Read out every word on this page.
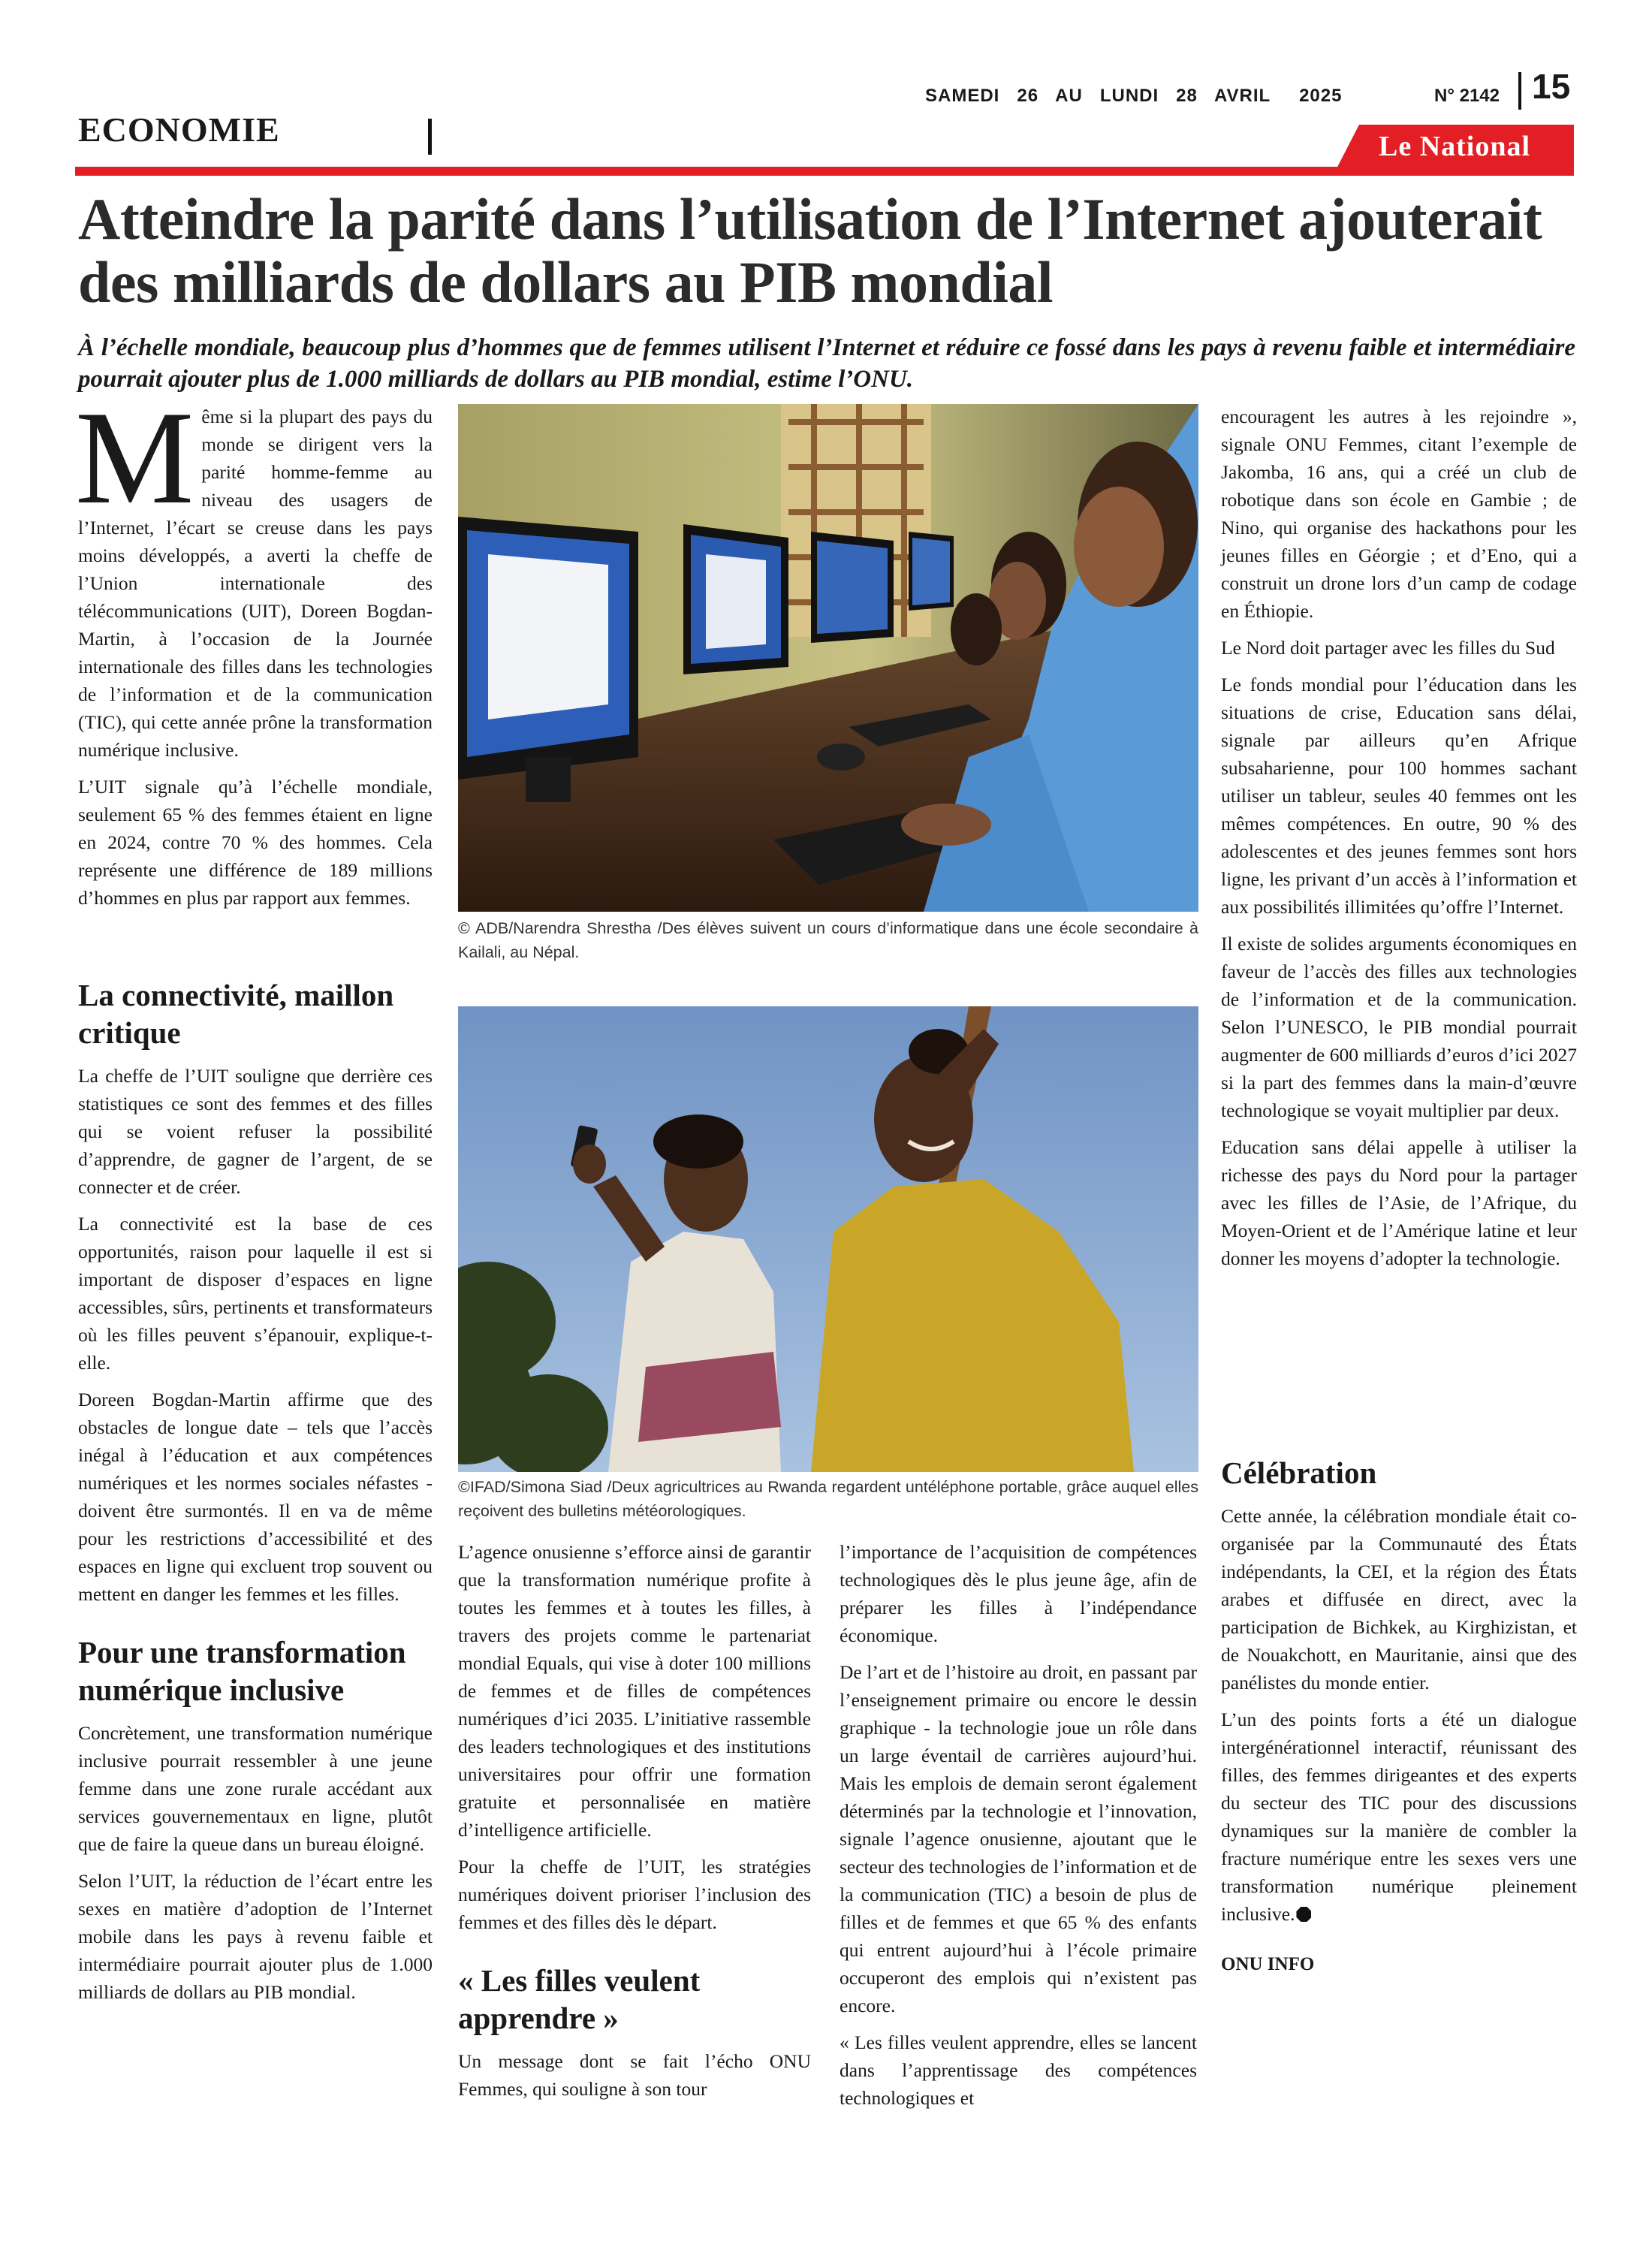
SAMEDI   26   AU   LUNDI   28   AVRIL     2025	N° 2142 15
ECONOMIE	Le National
Atteindre la parité dans l’utilisation de l’Internet ajouterait des milliards de dollars au PIB mondial

À l’échelle mondiale, beaucoup plus d’hommes que de femmes utilisent l’Internet et réduire ce fossé dans les pays à revenu faible et intermédiaire pourrait ajouter plus de 1.000 milliards de dollars au PIB mondial, estime l’ONU.

Même si la plupart des pays du monde se dirigent vers la parité homme-femme au niveau des usagers de l’Internet, l’écart se creuse dans les pays moins développés, a averti la cheffe de l’Union internationale des télécommunications (UIT), Doreen Bogdan-Martin, à l’occasion de la Journée internationale des filles dans les technologies de l’information et de la communication (TIC), qui cette année prône la transformation numérique inclusive.

L’UIT signale qu’à l’échelle mondiale, seulement 65 % des femmes étaient en ligne en 2024, contre 70 % des hommes. Cela représente une différence de 189 millions d’hommes en plus par rapport aux femmes.

La connectivité, maillon critique

La cheffe de l’UIT souligne que derrière ces statistiques ce sont des femmes et des filles qui se voient refuser la possibilité d’apprendre, de gagner de l’argent, de se connecter et de créer.

La connectivité est la base de ces opportunités, raison pour laquelle il est si important de disposer d’espaces en ligne accessibles, sûrs, pertinents et transformateurs où les filles peuvent s’épanouir, explique-t-elle.

Doreen Bogdan-Martin affirme que des obstacles de longue date – tels que l’accès inégal à l’éducation et aux compétences numériques et les normes sociales néfastes - doivent être surmontés. Il en va de même pour les restrictions d’accessibilité et des espaces en ligne qui excluent trop souvent ou mettent en danger les femmes et les filles.

Pour une transformation numérique inclusive

Concrètement, une transformation numérique inclusive pourrait ressembler à une jeune femme dans une zone rurale accédant aux services gouvernementaux en ligne, plutôt que de faire la queue dans un bureau éloigné.

Selon l’UIT, la réduction de l’écart entre les sexes en matière d’adoption de l’Internet mobile dans les pays à revenu faible et intermédiaire pourrait ajouter plus de 1.000 milliards de dollars au PIB mondial.

© ADB/Narendra Shrestha /Des élèves suivent un cours d’informatique dans une école secondaire à Kailali, au Népal.

©IFAD/Simona Siad /Deux agricultrices au Rwanda regardent untéléphone portable, grâce auquel elles reçoivent des bulletins météorologiques.

L’agence onusienne s’efforce ainsi de garantir que la transformation numérique profite à toutes les femmes et à toutes les filles, à travers des projets comme le partenariat mondial Equals, qui vise à doter 100 millions de femmes et de filles de compétences numériques d’ici 2035. L’initiative rassemble des leaders technologiques et des institutions universitaires pour offrir une formation gratuite et personnalisée en matière d’intelligence artificielle.

Pour la cheffe de l’UIT, les stratégies numériques doivent prioriser l’inclusion des femmes et des filles dès le départ.

« Les filles veulent apprendre »

Un message dont se fait l’écho ONU Femmes, qui souligne à son tour

l’importance de l’acquisition de compétences technologiques dès le plus jeune âge, afin de préparer les filles à l’indépendance économique.

De l’art et de l’histoire au droit, en passant par l’enseignement primaire ou encore le dessin graphique - la technologie joue un rôle dans un large éventail de carrières aujourd’hui. Mais les emplois de demain seront également déterminés par la technologie et l’innovation, signale l’agence onusienne, ajoutant que le secteur des technologies de l’information et de la communication (TIC) a besoin de plus de filles et de femmes et que 65 % des enfants qui entrent aujourd’hui à l’école primaire occuperont des emplois qui n’existent pas encore.

« Les filles veulent apprendre, elles se lancent dans l’apprentissage des compétences technologiques et

encouragent les autres à les rejoindre », signale ONU Femmes, citant l’exemple de Jakomba, 16 ans, qui a créé un club de robotique dans son école en Gambie ; de Nino, qui organise des hackathons pour les jeunes filles en Géorgie ; et d’Eno, qui a construit un drone lors d’un camp de codage en Éthiopie.

Le Nord doit partager avec les filles du Sud

Le fonds mondial pour l’éducation dans les situations de crise, Education sans délai, signale par ailleurs qu’en Afrique subsaharienne, pour 100 hommes sachant utiliser un tableur, seules 40 femmes ont les mêmes compétences. En outre, 90 % des adolescentes et des jeunes femmes sont hors ligne, les privant d’un accès à l’information et aux possibilités illimitées qu’offre l’Internet.

Il existe de solides arguments économiques en faveur de l’accès des filles aux technologies de l’information et de la communication. Selon l’UNESCO, le PIB mondial pourrait augmenter de 600 milliards d’euros d’ici 2027 si la part des femmes dans la main-d’œuvre technologique se voyait multiplier par deux.

Education sans délai appelle à utiliser la richesse des pays du Nord pour la partager avec les filles de l’Asie, de l’Afrique, du Moyen-Orient et de l’Amérique latine et leur donner les moyens d’adopter la technologie.

Célébration

Cette année, la célébration mondiale était co-organisée par la Communauté des États indépendants, la CEI, et la région des États arabes et diffusée en direct, avec la participation de Bichkek, au Kirghizistan, et de Nouakchott, en Mauritanie, ainsi que des panélistes du monde entier.

L’un des points forts a été un dialogue intergénérationnel interactif, réunissant des filles, des femmes dirigeantes et des experts du secteur des TIC pour des discussions dynamiques sur la manière de combler la fracture numérique entre les sexes vers une transformation numérique pleinement inclusive.

ONU INFO
